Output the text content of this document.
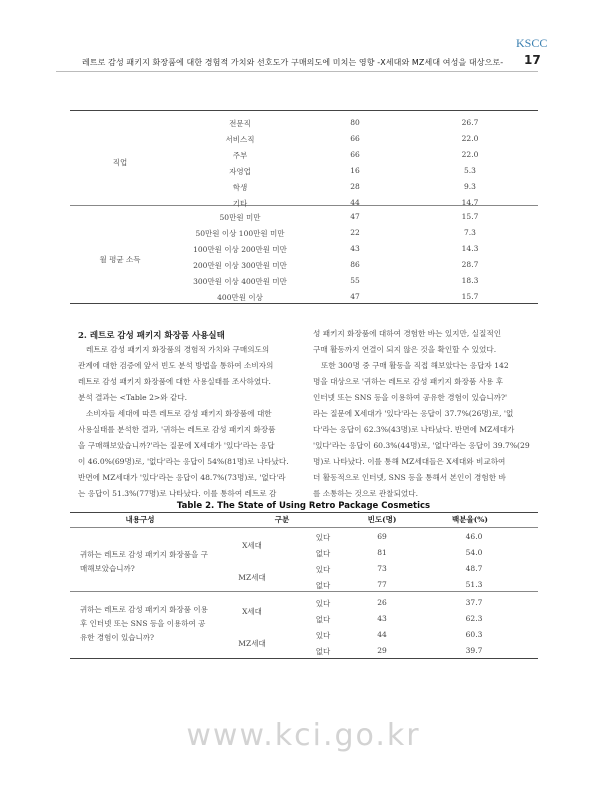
KSCC
레트로 감성 패키지 화장품에 대한 경험적 가치와 선호도가 구매의도에 미치는 영향 -X세대와 MZ세대 여성을 대상으로- 17
직업
전문직	80	26.7
서비스직	66	22.0
주부	66	22.0
자영업	16	5.3
학생	28	9.3
기타	44	14.7
월 평균 소득
50만원 미만	47	15.7
50만원 이상 100만원 미만	22	7.3
100만원 이상 200만원 미만	43	14.3
200만원 이상 300만원 미만	86	28.7
300만원 이상 400만원 미만	55	18.3
400만원 이상	47	15.7
2. 레트로 감성 패키지 화장품 사용실태
레트로 감성 패키지 화장품의 경험적 가치와 구매의도의
관계에 대한 검증에 앞서 빈도 분석 방법을 통하여 소비자의
레트로 감성 패키지 화장품에 대한 사용실태를 조사하였다.
분석 결과는 <Table 2>와 같다.
소비자들 세대에 따른 레트로 감성 패키지 화장품에 대한
사용실태를 분석한 결과, '귀하는 레트로 감성 패키지 화장품
을 구매해보았습니까?'라는 질문에 X세대가 '있다'라는 응답
이 46.0%(69명)로, '없다'라는 응답이 54%(81명)로 나타났다.
반면에 MZ세대가 '있다'라는 응답이 48.7%(73명)로, '없다'라
는 응답이 51.3%(77명)로 나타났다. 이를 통하여 레트로 감
성 패키지 화장품에 대하여 경험한 바는 있지만, 실질적인
구매 활동까지 연결이 되지 않은 것을 확인할 수 있었다.
또한 300명 중 구매 활동을 직접 해보았다는 응답자 142
명을 대상으로 '귀하는 레트로 감성 패키지 화장품 사용 후
인터넷 또는 SNS 등을 이용하여 공유한 경험이 있습니까?'
라는 질문에 X세대가 '있다'라는 응답이 37.7%(26명)로, '없
다'라는 응답이 62.3%(43명)로 나타났다. 반면에 MZ세대가
'있다'라는 응답이 60.3%(44명)로, '없다'라는 응답이 39.7%(29
명)로 나타났다. 이를 통해 MZ세대들은 X세대와 비교하여
더 활동적으로 인터넷, SNS 등을 통해서 본인이 경험한 바
를 소통하는 것으로 관찰되었다.
Table 2. The State of Using Retro Package Cosmetics
내용구성	구분	빈도(명)	백분율(%)
귀하는 레트로 감성 패키지 화장품을 구
매해보았습니까?
X세대
있다	69	46.0
없다	81	54.0
MZ세대
있다	73	48.7
없다	77	51.3
귀하는 레트로 감성 패키지 화장품 이용
후 인터넷 또는 SNS 등을 이용하여 공
유한 경험이 있습니까?
X세대
있다	26	37.7
없다	43	62.3
MZ세대
있다	44	60.3
없다	29	39.7
www.kci.go.kr
